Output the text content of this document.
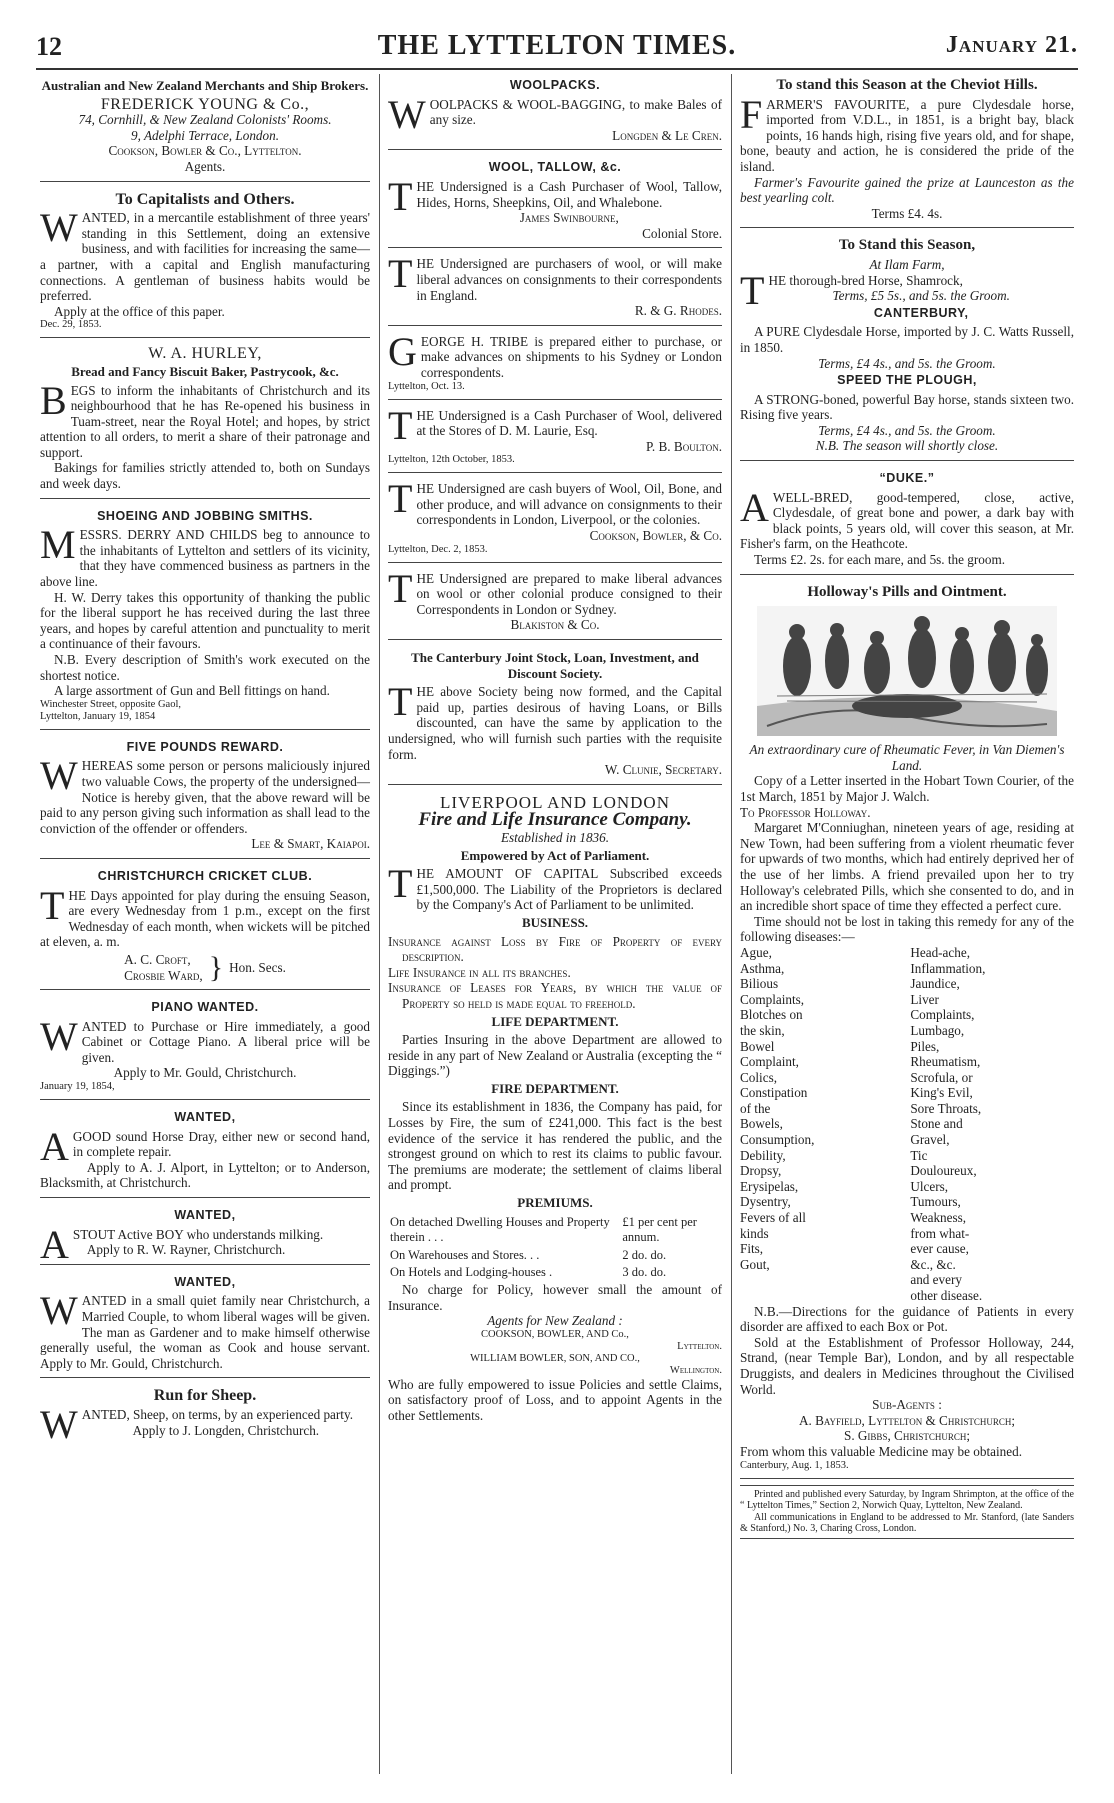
12	THE LYTTELTON TIMES.	January 21.
Australian and New Zealand Merchants and Ship Brokers.
FREDERICK YOUNG & Co.,
74, Cornhill, & New Zealand Colonists' Rooms.
9, Adelphi Terrace, London.
Cookson, Bowler & Co., Lyttelton.
Agents.
To Capitalists and Others.

WANTED, in a mercantile establishment of three years' standing in this Settlement, doing an extensive business, and with facilities for increasing the same—a partner, with a capital and English manufacturing connections. A gentleman of business habits would be preferred.

Apply at the office of this paper.

Dec. 29, 1853.
W. A. HURLEY,
Bread and Fancy Biscuit Baker, Pastrycook, &c.

BEGS to inform the inhabitants of Christchurch and its neighbourhood that he has Re-opened his business in Tuam-street, near the Royal Hotel; and hopes, by strict attention to all orders, to merit a share of their patronage and support.

Bakings for families strictly attended to, both on Sundays and week days.

SHOEING AND JOBBING SMITHS.

MESSRS. DERRY AND CHILDS beg to announce to the inhabitants of Lyttelton and settlers of its vicinity, that they have commenced business as partners in the above line.

H. W. Derry takes this opportunity of thanking the public for the liberal support he has received during the last three years, and hopes by careful attention and punctuality to merit a continuance of their favours.

N.B. Every description of Smith's work executed on the shortest notice.

A large assortment of Gun and Bell fittings on hand.

Winchester Street, opposite Gaol,
Lyttelton, January 19, 1854
FIVE POUNDS REWARD.

WHEREAS some person or persons maliciously injured two valuable Cows, the property of the undersigned—Notice is hereby given, that the above reward will be paid to any person giving such information as shall lead to the conviction of the offender or offenders.

Lee & Smart, Kaiapoi.
CHRISTCHURCH CRICKET CLUB.

THE Days appointed for play during the ensuing Season, are every Wednesday from 1 p.m., except on the first Wednesday of each month, when wickets will be pitched at eleven, a. m.

A. C. Croft,
Crosbie Ward, } Hon. Secs.
PIANO WANTED.

WANTED to Purchase or Hire immediately, a good Cabinet or Cottage Piano. A liberal price will be given.

Apply to Mr. Gould, Christchurch.
January 19, 1854,
WANTED,

AGOOD sound Horse Dray, either new or second hand, in complete repair.

Apply to A. J. Alport, in Lyttelton; or to Anderson, Blacksmith, at Christchurch.

WANTED,

ASTOUT Active BOY who understands milking.

Apply to R. W. Rayner, Christchurch.

WANTED,

WANTED in a small quiet family near Christchurch, a Married Couple, to whom liberal wages will be given. The man as Gardener and to make himself otherwise generally useful, the woman as Cook and house servant. Apply to Mr. Gould, Christchurch.

Run for Sheep.

WANTED, Sheep, on terms, by an experienced party.

Apply to J. Longden, Christchurch.
WOOLPACKS.

WOOLPACKS & WOOL-BAGGING, to make Bales of any size.

Longden & Le Cren.
WOOL, TALLOW, &c.

THE Undersigned is a Cash Purchaser of Wool, Tallow, Hides, Horns, Sheepkins, Oil, and Whalebone.

James Swinbourne,
Colonial Store.

THE Undersigned are purchasers of wool, or will make liberal advances on consignments to their correspondents in England.

R. & G. Rhodes.

GEORGE H. TRIBE is prepared either to purchase, or make advances on shipments to his Sydney or London correspondents.

Lyttelton, Oct. 13.

THE Undersigned is a Cash Purchaser of Wool, delivered at the Stores of D. M. Laurie, Esq.

P. B. Boulton.
Lyttelton, 12th October, 1853.

THE Undersigned are cash buyers of Wool, Oil, Bone, and other produce, and will advance on consignments to their correspondents in London, Liverpool, or the colonies.

Cookson, Bowler, & Co.
Lyttelton, Dec. 2, 1853.

THE Undersigned are prepared to make liberal advances on wool or other colonial produce consigned to their Correspondents in London or Sydney.

Blakiston & Co.
The Canterbury Joint Stock, Loan, Investment, and Discount Society.

THE above Society being now formed, and the Capital paid up, parties desirous of having Loans, or Bills discounted, can have the same by application to the undersigned, who will furnish such parties with the requisite form.

W. Clunie, Secretary.
LIVERPOOL AND LONDON
Fire and Life Insurance Company.
Established in 1836.
Empowered by Act of Parliament.

THE AMOUNT OF CAPITAL Subscribed exceeds £1,500,000. The Liability of the Proprietors is declared by the Company's Act of Parliament to be unlimited.

BUSINESS.

Insurance against Loss by Fire of Property of every description.

Life Insurance in all its branches.

Insurance of Leases for Years, by which the value of Property so held is made equal to freehold.

LIFE DEPARTMENT.

Parties Insuring in the above Department are allowed to reside in any part of New Zealand or Australia (excepting the “ Diggings.”)

FIRE DEPARTMENT.

Since its establishment in 1836, the Company has paid, for Losses by Fire, the sum of £241,000. This fact is the best evidence of the service it has rendered the public, and the strongest ground on which to rest its claims to public favour. The premiums are moderate; the settlement of claims liberal and prompt.

PREMIUMS.
On detached Dwelling Houses and Property therein . . .	£1 per cent per annum.
On Warehouses and Stores. . .	2 do. do.
On Hotels and Lodging-houses .	3 do. do.

No charge for Policy, however small the amount of Insurance.

Agents for New Zealand :
COOKSON, BOWLER, AND Co.,
Lyttelton.
WILLIAM BOWLER, SON, AND CO.,
Wellington.

Who are fully empowered to issue Policies and settle Claims, on satisfactory proof of Loss, and to appoint Agents in the other Settlements.

To stand this Season at the Cheviot Hills.

FARMER'S FAVOURITE, a pure Clydesdale horse, imported from V.D.L., in 1851, is a bright bay, black points, 16 hands high, rising five years old, and for shape, bone, beauty and action, he is considered the pride of the island.

Farmer's Favourite gained the prize at Launceston as the best yearling colt.

Terms £4. 4s.
To Stand this Season,
At Ilam Farm,

THE thorough-bred Horse, Shamrock,

Terms, £5 5s., and 5s. the Groom.
CANTERBURY,

A PURE Clydesdale Horse, imported by J. C. Watts Russell, in 1850.

Terms, £4 4s., and 5s. the Groom.
SPEED THE PLOUGH,

A STRONG-boned, powerful Bay horse, stands sixteen two. Rising five years.

Terms, £4 4s., and 5s. the Groom.
N.B. The season will shortly close.
“DUKE.”

AWELL-BRED, good-tempered, close, active, Clydesdale, of great bone and power, a dark bay with black points, 5 years old, will cover this season, at Mr. Fisher's farm, on the Heathcote.

Terms £2. 2s. for each mare, and 5s. the groom.

Holloway's Pills and Ointment.
An extraordinary cure of Rheumatic Fever, in Van Diemen's Land.

Copy of a Letter inserted in the Hobart Town Courier, of the 1st March, 1851 by Major J. Walch.

To Professor Holloway.

Margaret M'Conniughan, nineteen years of age, residing at New Town, had been suffering from a violent rheumatic fever for upwards of two months, which had entirely deprived her of the use of her limbs. A friend prevailed upon her to try Holloway's celebrated Pills, which she consented to do, and in an incredible short space of time they effected a perfect cure.

Time should not be lost in taking this remedy for any of the following diseases:—

Ague,
Asthma,
Bilious Complaints,
Blotches on the skin,
Bowel Complaint,
Colics,
Constipation of the
Bowels,
Consumption,
Debility,
Dropsy,
Erysipelas,
Dysentry,
Fevers of all kinds
Fits,
Gout,
Head-ache,
Inflammation,
Jaundice,
Liver Complaints,
Lumbago,
Piles,
Rheumatism,
Scrofula, or King's Evil,
Sore Throats,
Stone and Gravel,
Tic Douloureux,
Ulcers,
Tumours,
Weakness, from what-
ever cause, &c., &c.
and every other disease.

N.B.—Directions for the guidance of Patients in every disorder are affixed to each Box or Pot.

Sold at the Establishment of Professor Holloway, 244, Strand, (near Temple Bar), London, and by all respectable Druggists, and dealers in Medicines throughout the Civilised World.

Sub-Agents :
A. Bayfield, Lyttelton & Christchurch;
S. Gibbs, Christchurch;

From whom this valuable Medicine may be obtained.

Canterbury, Aug. 1, 1853.

Printed and published every Saturday, by Ingram Shrimpton, at the office of the “ Lyttelton Times,” Section 2, Norwich Quay, Lyttelton, New Zealand.

All communications in England to be addressed to Mr. Stanford, (late Sanders & Stanford,) No. 3, Charing Cross, London.
